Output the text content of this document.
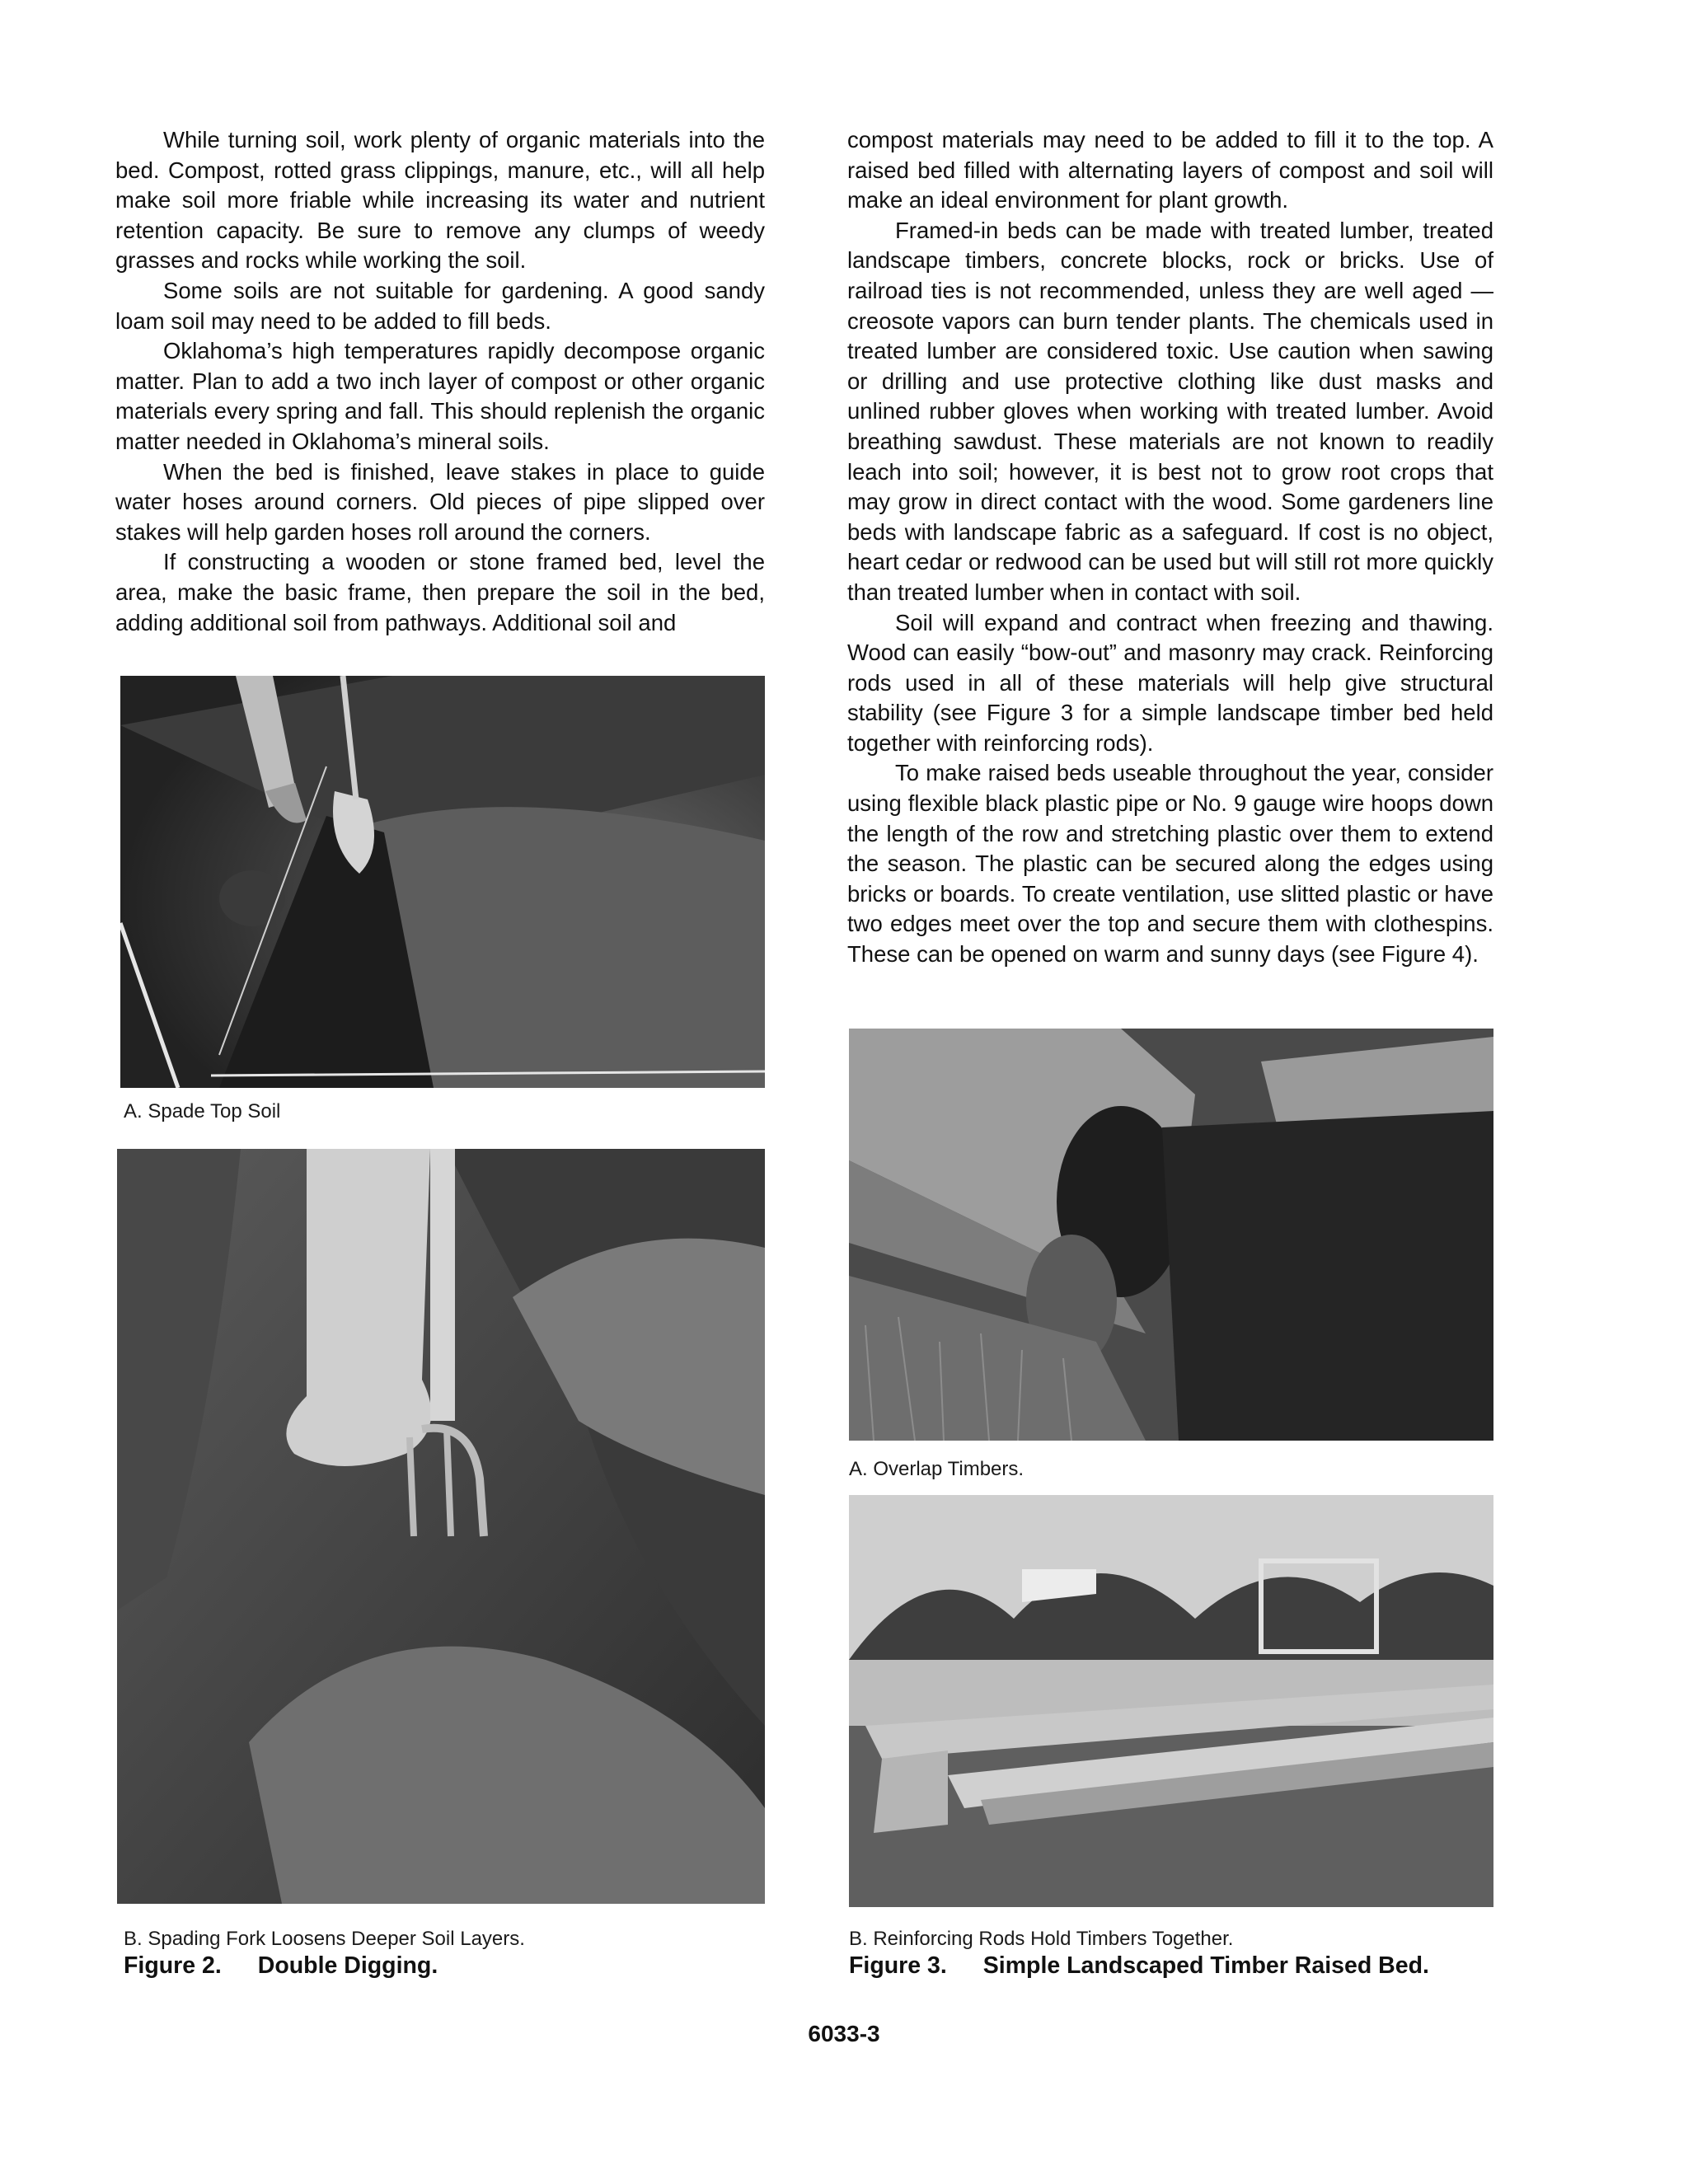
While turning soil, work plenty of organic materials into the bed. Compost, rotted grass clippings, manure, etc., will all help make soil more friable while increasing its water and nutrient retention capacity. Be sure to remove any clumps of weedy grasses and rocks while working the soil.

Some soils are not suitable for gardening. A good sandy loam soil may need to be added to fill beds.

Oklahoma’s high temperatures rapidly decompose organic matter. Plan to add a two inch layer of compost or other organic materials every spring and fall. This should replenish the organic matter needed in Oklahoma’s mineral soils.

When the bed is finished, leave stakes in place to guide water hoses around corners. Old pieces of pipe slipped over stakes will help garden hoses roll around the corners.

If constructing a wooden or stone framed bed, level the area, make the basic frame, then prepare the soil in the bed, adding additional soil from pathways. Additional soil and

compost materials may need to be added to fill it to the top. A raised bed filled with alternating layers of compost and soil will make an ideal environment for plant growth.

Framed-in beds can be made with treated lumber, treated landscape timbers, concrete blocks, rock or bricks. Use of railroad ties is not recommended, unless they are well aged — creosote vapors can burn tender plants. The chemicals used in treated lumber are considered toxic. Use caution when sawing or drilling and use protective clothing like dust masks and unlined rubber gloves when working with treated lumber. Avoid breathing sawdust. These materials are not known to readily leach into soil; however, it is best not to grow root crops that may grow in direct contact with the wood. Some gardeners line beds with landscape fabric as a safeguard. If cost is no object, heart cedar or redwood can be used but will still rot more quickly than treated lumber when in contact with soil.

Soil will expand and contract when freezing and thawing. Wood can easily “bow-out” and masonry may crack. Reinforcing rods used in all of these materials will help give structural stability (see Figure 3 for a simple landscape timber bed held together with reinforcing rods).

To make raised beds useable throughout the year, consider using flexible black plastic pipe or No. 9 gauge wire hoops down the length of the row and stretching plastic over them to extend the season. The plastic can be secured along the edges using bricks or boards. To create ventilation, use slitted plastic or have two edges meet over the top and secure them with clothespins. These can be opened on warm and sunny days (see Figure 4).

A. Spade Top Soil
B. Spading Fork Loosens Deeper Soil Layers.
Figure 2. Double Digging.
A. Overlap Timbers.
B. Reinforcing Rods Hold Timbers Together.
Figure 3. Simple Landscaped Timber Raised Bed.
6033-3
